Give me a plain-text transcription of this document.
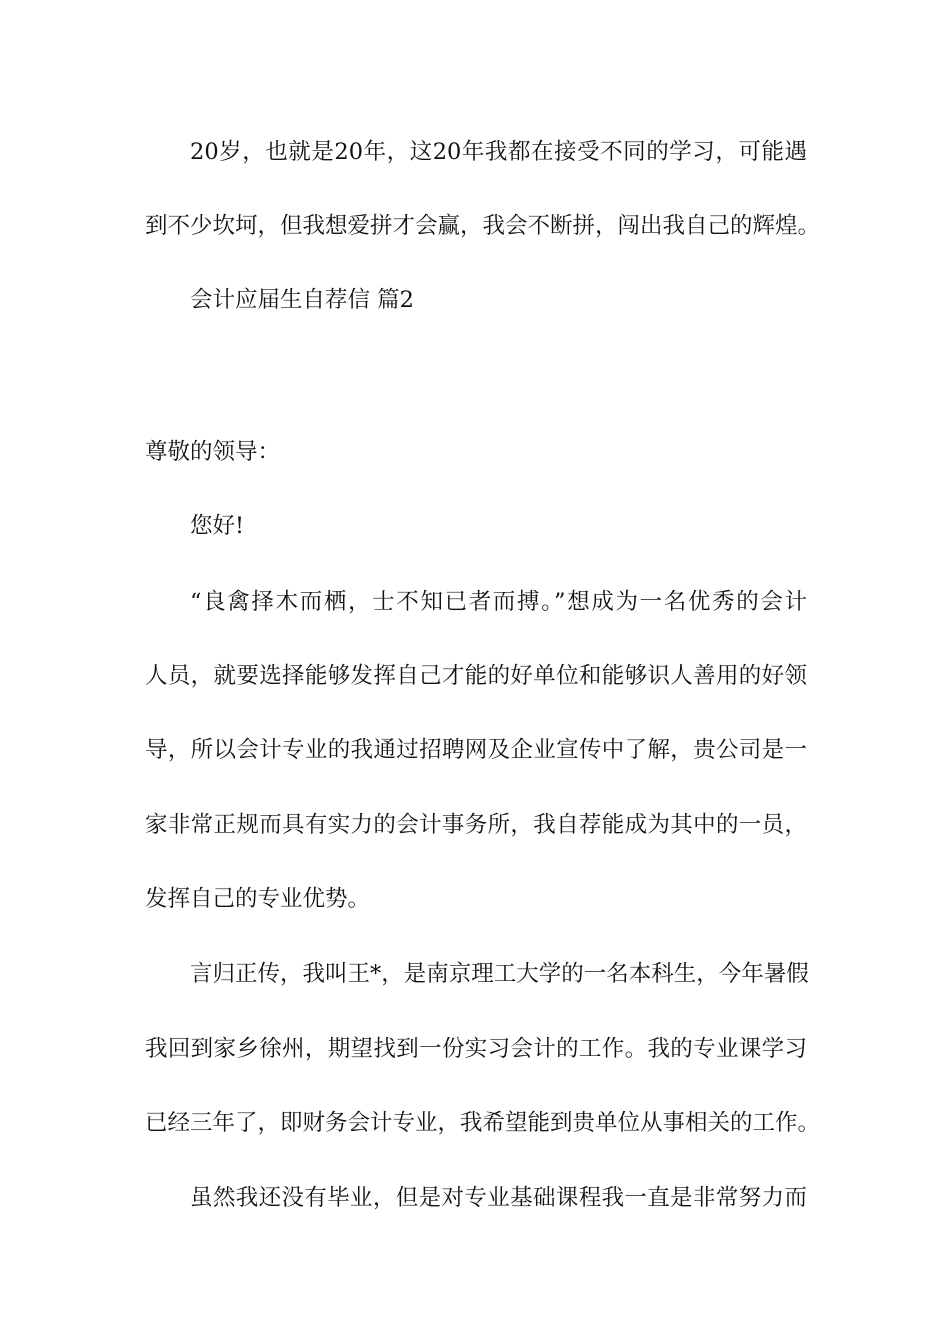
20岁，也就是20年，这20年我都在接受不同的学习，可能遇

到不少坎坷，但我想爱拼才会赢，我会不断拼，闯出我自己的辉煌。

会计应届生自荐信 篇2

尊敬的领导：

您好!

“良禽择木而栖，士不知已者而搏。”想成为一名优秀的会计

人员，就要选择能够发挥自己才能的好单位和能够识人善用的好领

导，所以会计专业的我通过招聘网及企业宣传中了解，贵公司是一

家非常正规而具有实力的会计事务所，我自荐能成为其中的一员，

发挥自己的专业优势。

言归正传，我叫王*，是南京理工大学的一名本科生，今年暑假

我回到家乡徐州，期望找到一份实习会计的工作。我的专业课学习

已经三年了，即财务会计专业，我希望能到贵单位从事相关的工作。

虽然我还没有毕业，但是对专业基础课程我一直是非常努力而
